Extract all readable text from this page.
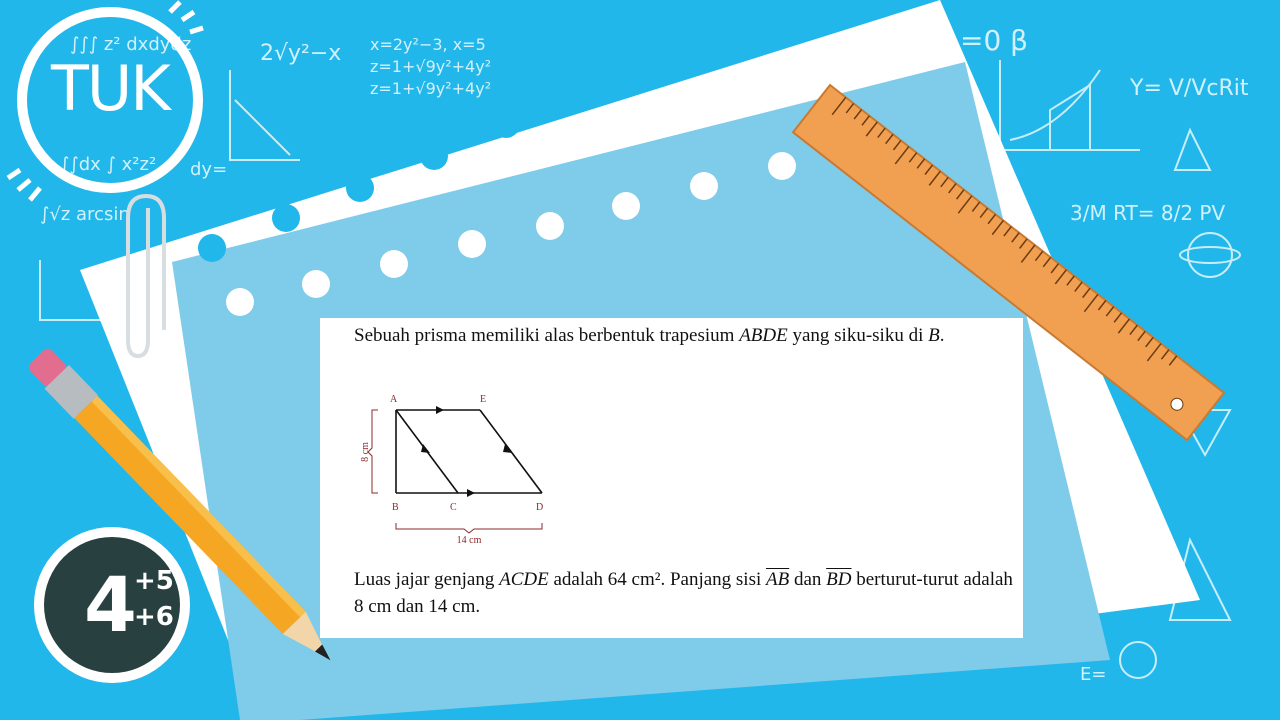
2√y²−x x=2y²−3, x=5
z=1+√9y²+4y²
z=1+√9y²+4y²
∫∫∫ z² dxdydz
∫∫dx ∫ x²z²
∫√z arcsin
dy=
=0 β
Y= V/VcRit
3/M RT= 8/2 PV
E=
TUK
4
+5
+6
Sebuah prisma memiliki alas berbentuk trapesium ABDE yang siku-siku di B.
A	E
B	C	D
8 cm
14 cm
Luas jajar genjang ACDE adalah 64 cm². Panjang sisi $\overline{AB}$ dan $\overline{BD}$ berturut-turut adalah 8 cm dan 14 cm.
